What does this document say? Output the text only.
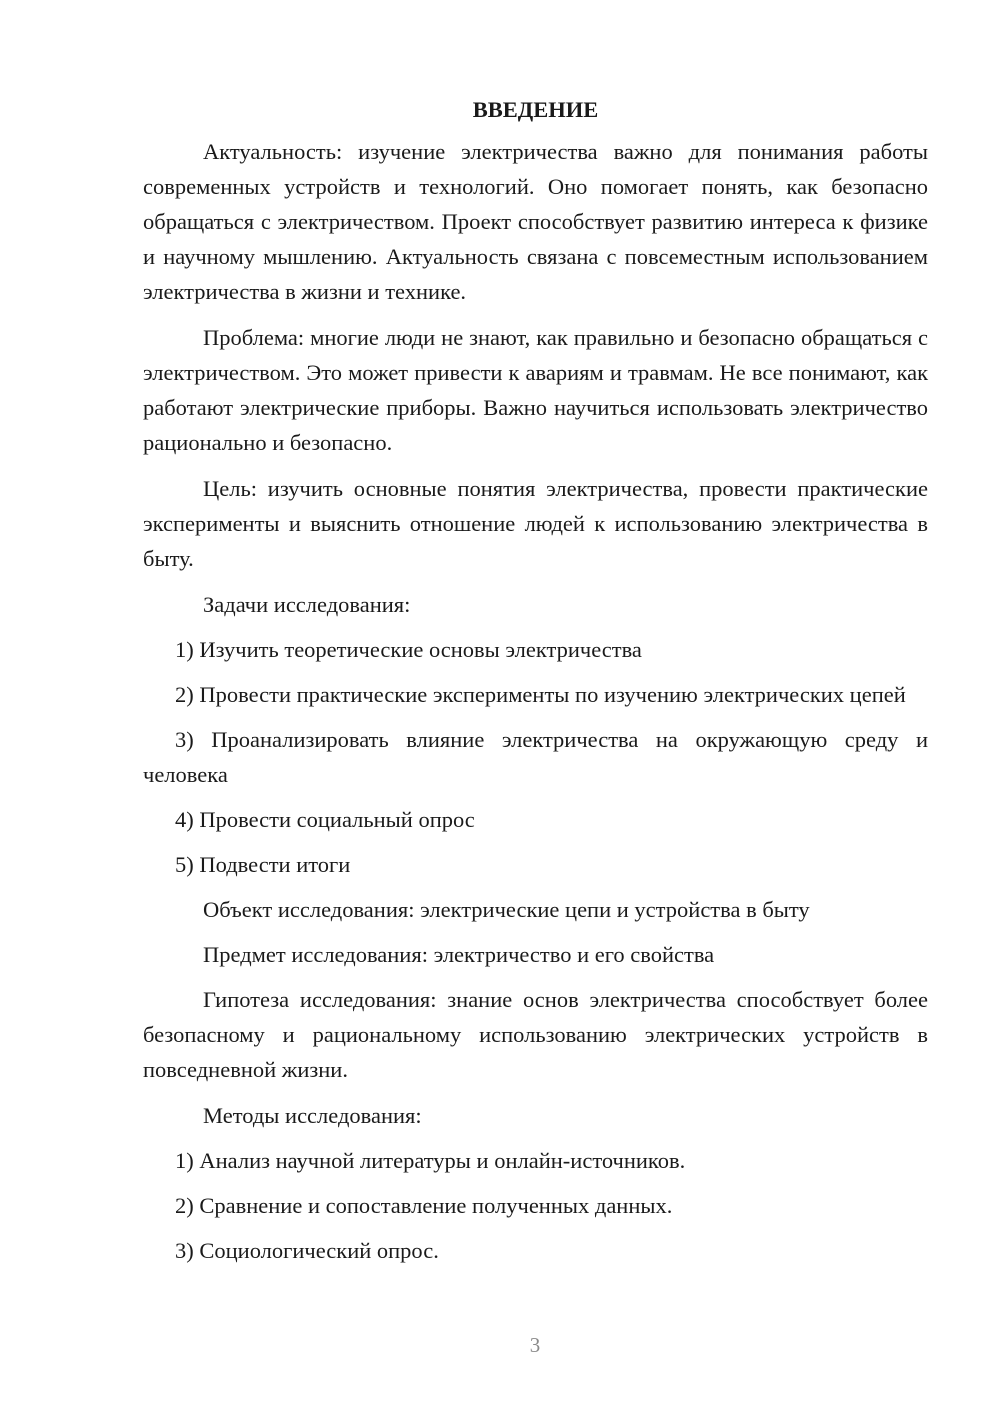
ВВЕДЕНИЕ

Актуальность: изучение электричества важно для понимания работы современных устройств и технологий. Оно помогает понять, как безопасно обращаться с электричеством. Проект способствует развитию интереса к физике и научному мышлению. Актуальность связана с повсеместным использованием электричества в жизни и технике.

Проблема: многие люди не знают, как правильно и безопасно обращаться с электричеством. Это может привести к авариям и травмам. Не все понимают, как работают электрические приборы. Важно научиться использовать электричество рационально и безопасно.

Цель: изучить основные понятия электричества, провести практические эксперименты и выяснить отношение людей к использованию электричества в быту.

Задачи исследования:

1) Изучить теоретические основы электричества

2) Провести практические эксперименты по изучению электрических цепей

3) Проанализировать влияние электричества на окружающую среду и человека

4) Провести социальный опрос

5) Подвести итоги

Объект исследования: электрические цепи и устройства в быту

Предмет исследования: электричество и его свойства

Гипотеза исследования: знание основ электричества способствует более безопасному и рациональному использованию электрических устройств в повседневной жизни.

Методы исследования:

1) Анализ научной литературы и онлайн-источников.

2) Сравнение и сопоставление полученных данных.

3) Социологический опрос.

3
